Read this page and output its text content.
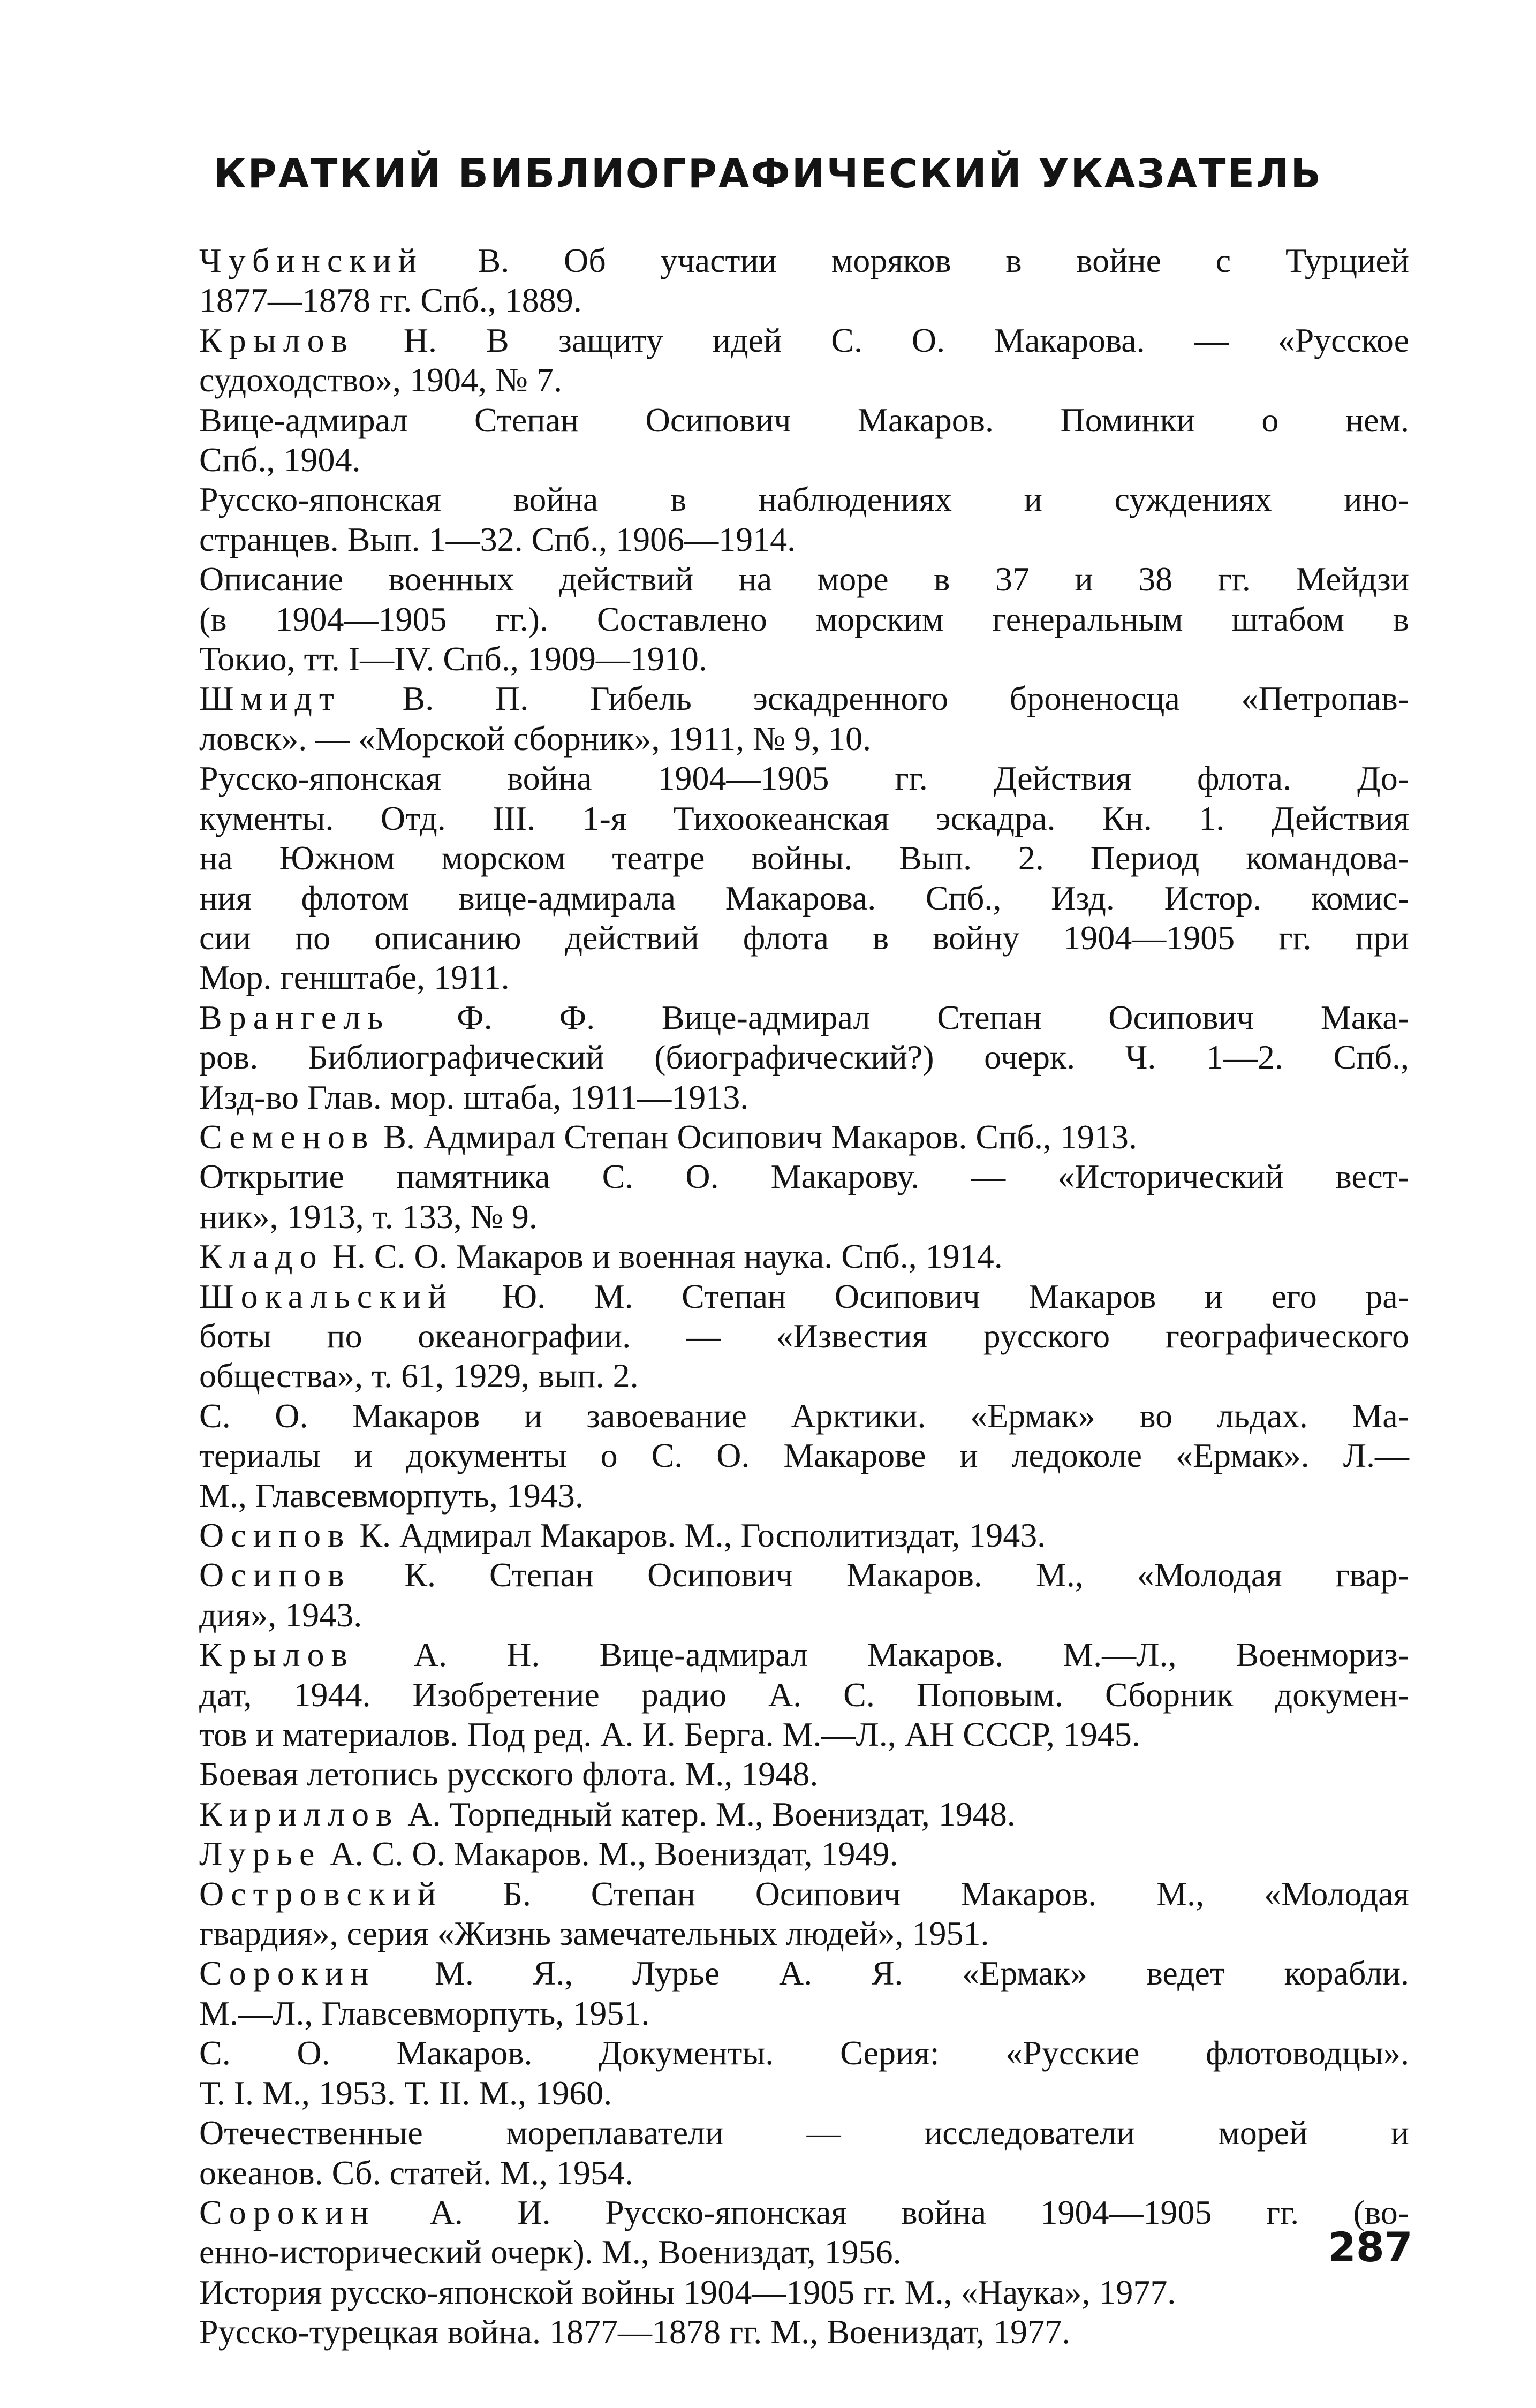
КРАТКИЙ БИБЛИОГРАФИЧЕСКИЙ УКАЗАТЕЛЬ
Чубинский В. Об участии моряков в войне с Турцией
1877—1878 гг. Спб., 1889.
Крылов Н. В защиту идей С. О. Макарова. — «Русское
судоходство», 1904, № 7.
Вице-адмирал Степан Осипович Макаров. Поминки о нем.
Спб., 1904.
Русско-японская война в наблюдениях и суждениях ино-
странцев. Вып. 1—32. Спб., 1906—1914.
Описание военных действий на море в 37 и 38 гг. Мейдзи
(в 1904—1905 гг.). Составлено морским генеральным штабом в
Токио, тт. I—IV. Спб., 1909—1910.
Шмидт В. П. Гибель эскадренного броненосца «Петропав-
ловск». — «Морской сборник», 1911, № 9, 10.
Русско-японская война 1904—1905 гг. Действия флота. До-
кументы. Отд. III. 1-я Тихоокеанская эскадра. Кн. 1. Действия
на Южном морском театре войны. Вып. 2. Период командова-
ния флотом вице-адмирала Макарова. Спб., Изд. Истор. комис-
сии по описанию действий флота в войну 1904—1905 гг. при
Мор. генштабе, 1911.
Врангель Ф. Ф. Вице-адмирал Степан Осипович Мака-
ров. Библиографический (биографический?) очерк. Ч. 1—2. Спб.,
Изд-во Глав. мор. штаба, 1911—1913.
Семенов В. Адмирал Степан Осипович Макаров. Спб., 1913.
Открытие памятника С. О. Макарову. — «Исторический вест-
ник», 1913, т. 133, № 9.
Кладо Н. С. О. Макаров и военная наука. Спб., 1914.
Шокальский Ю. М. Степан Осипович Макаров и его ра-
боты по океанографии. — «Известия русского географического
общества», т. 61, 1929, вып. 2.
С. О. Макаров и завоевание Арктики. «Ермак» во льдах. Ма-
териалы и документы о С. О. Макарове и ледоколе «Ермак». Л.—
М., Главсевморпуть, 1943.
Осипов К. Адмирал Макаров. М., Госполитиздат, 1943.
Осипов К. Степан Осипович Макаров. М., «Молодая гвар-
дия», 1943.
Крылов А. Н. Вице-адмирал Макаров. М.—Л., Военмориз-
дат, 1944. Изобретение радио А. С. Поповым. Сборник докумен-
тов и материалов. Под ред. А. И. Берга. М.—Л., АН СССР, 1945.
Боевая летопись русского флота. М., 1948.
Кириллов А. Торпедный катер. М., Воениздат, 1948.
Лурье А. С. О. Макаров. М., Воениздат, 1949.
Островский Б. Степан Осипович Макаров. М., «Молодая
гвардия», серия «Жизнь замечательных людей», 1951.
Сорокин М. Я., Лурье А. Я. «Ермак» ведет корабли.
М.—Л., Главсевморпуть, 1951.
С. О. Макаров. Документы. Серия: «Русские флотоводцы».
Т. I. М., 1953. Т. II. М., 1960.
Отечественные мореплаватели — исследователи морей и
океанов. Сб. статей. М., 1954.
Сорокин А. И. Русско-японская война 1904—1905 гг. (во-
енно-исторический очерк). М., Воениздат, 1956.
История русско-японской войны 1904—1905 гг. М., «Наука», 1977.
Русско-турецкая война. 1877—1878 гг. М., Воениздат, 1977.
287
